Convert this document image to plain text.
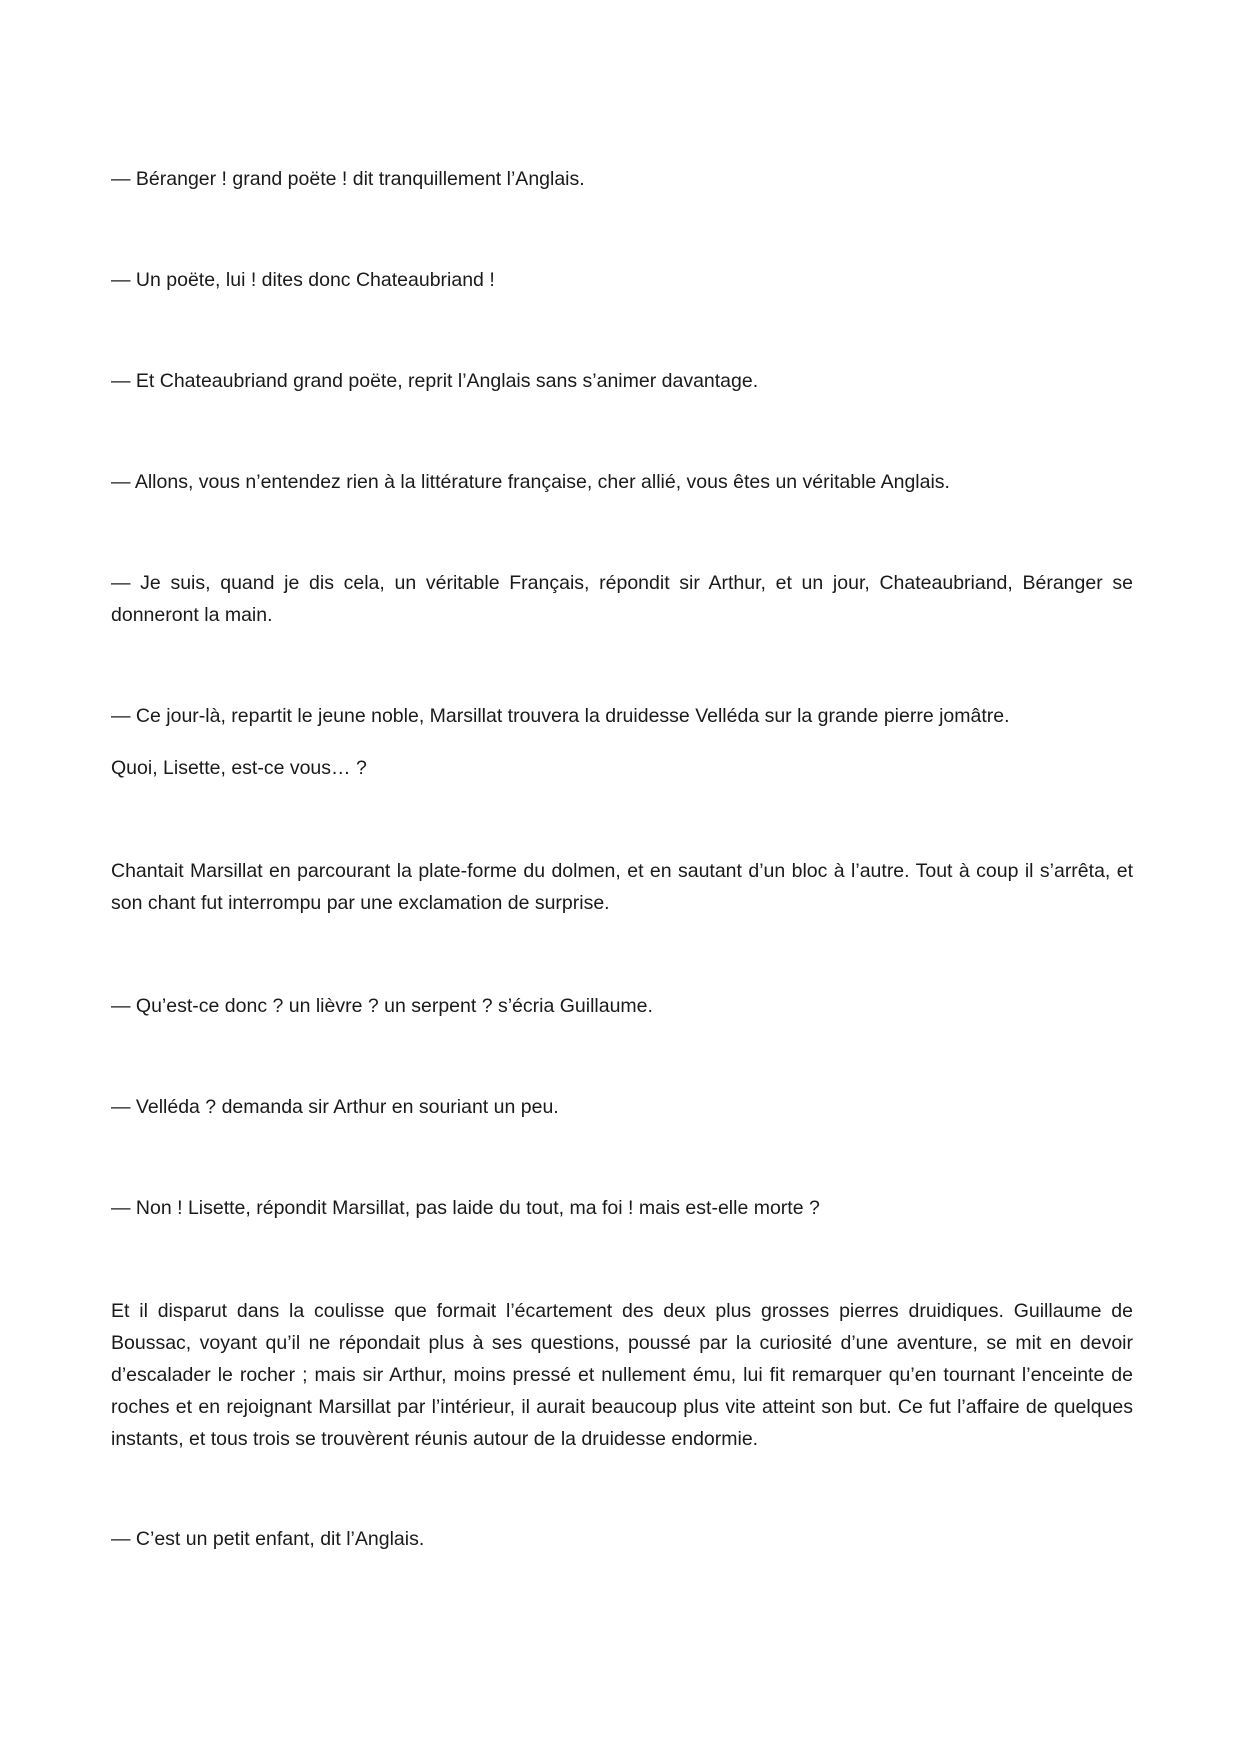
— Béranger ! grand poëte ! dit tranquillement l’Anglais.

— Un poëte, lui ! dites donc Chateaubriand !

— Et Chateaubriand grand poëte, reprit l’Anglais sans s’animer davantage.

— Allons, vous n’entendez rien à la littérature française, cher allié, vous êtes un véritable Anglais.

— Je suis, quand je dis cela, un véritable Français, répondit sir Arthur, et un jour, Chateaubriand, Béranger se donneront la main.

— Ce jour-là, repartit le jeune noble, Marsillat trouvera la druidesse Velléda sur la grande pierre jomâtre.

Quoi, Lisette, est-ce vous… ?

Chantait Marsillat en parcourant la plate-forme du dolmen, et en sautant d’un bloc à l’autre. Tout à coup il s’arrêta, et son chant fut interrompu par une exclamation de surprise.

— Qu’est-ce donc ? un lièvre ? un serpent ? s’écria Guillaume.

— Velléda ? demanda sir Arthur en souriant un peu.

— Non ! Lisette, répondit Marsillat, pas laide du tout, ma foi ! mais est-elle morte ?

Et il disparut dans la coulisse que formait l’écartement des deux plus grosses pierres druidiques. Guillaume de Boussac, voyant qu’il ne répondait plus à ses questions, poussé par la curiosité d’une aventure, se mit en devoir d’escalader le rocher ; mais sir Arthur, moins pressé et nullement ému, lui fit remarquer qu’en tournant l’enceinte de roches et en rejoignant Marsillat par l’intérieur, il aurait beaucoup plus vite atteint son but. Ce fut l’affaire de quelques instants, et tous trois se trouvèrent réunis autour de la druidesse endormie.

— C’est un petit enfant, dit l’Anglais.
